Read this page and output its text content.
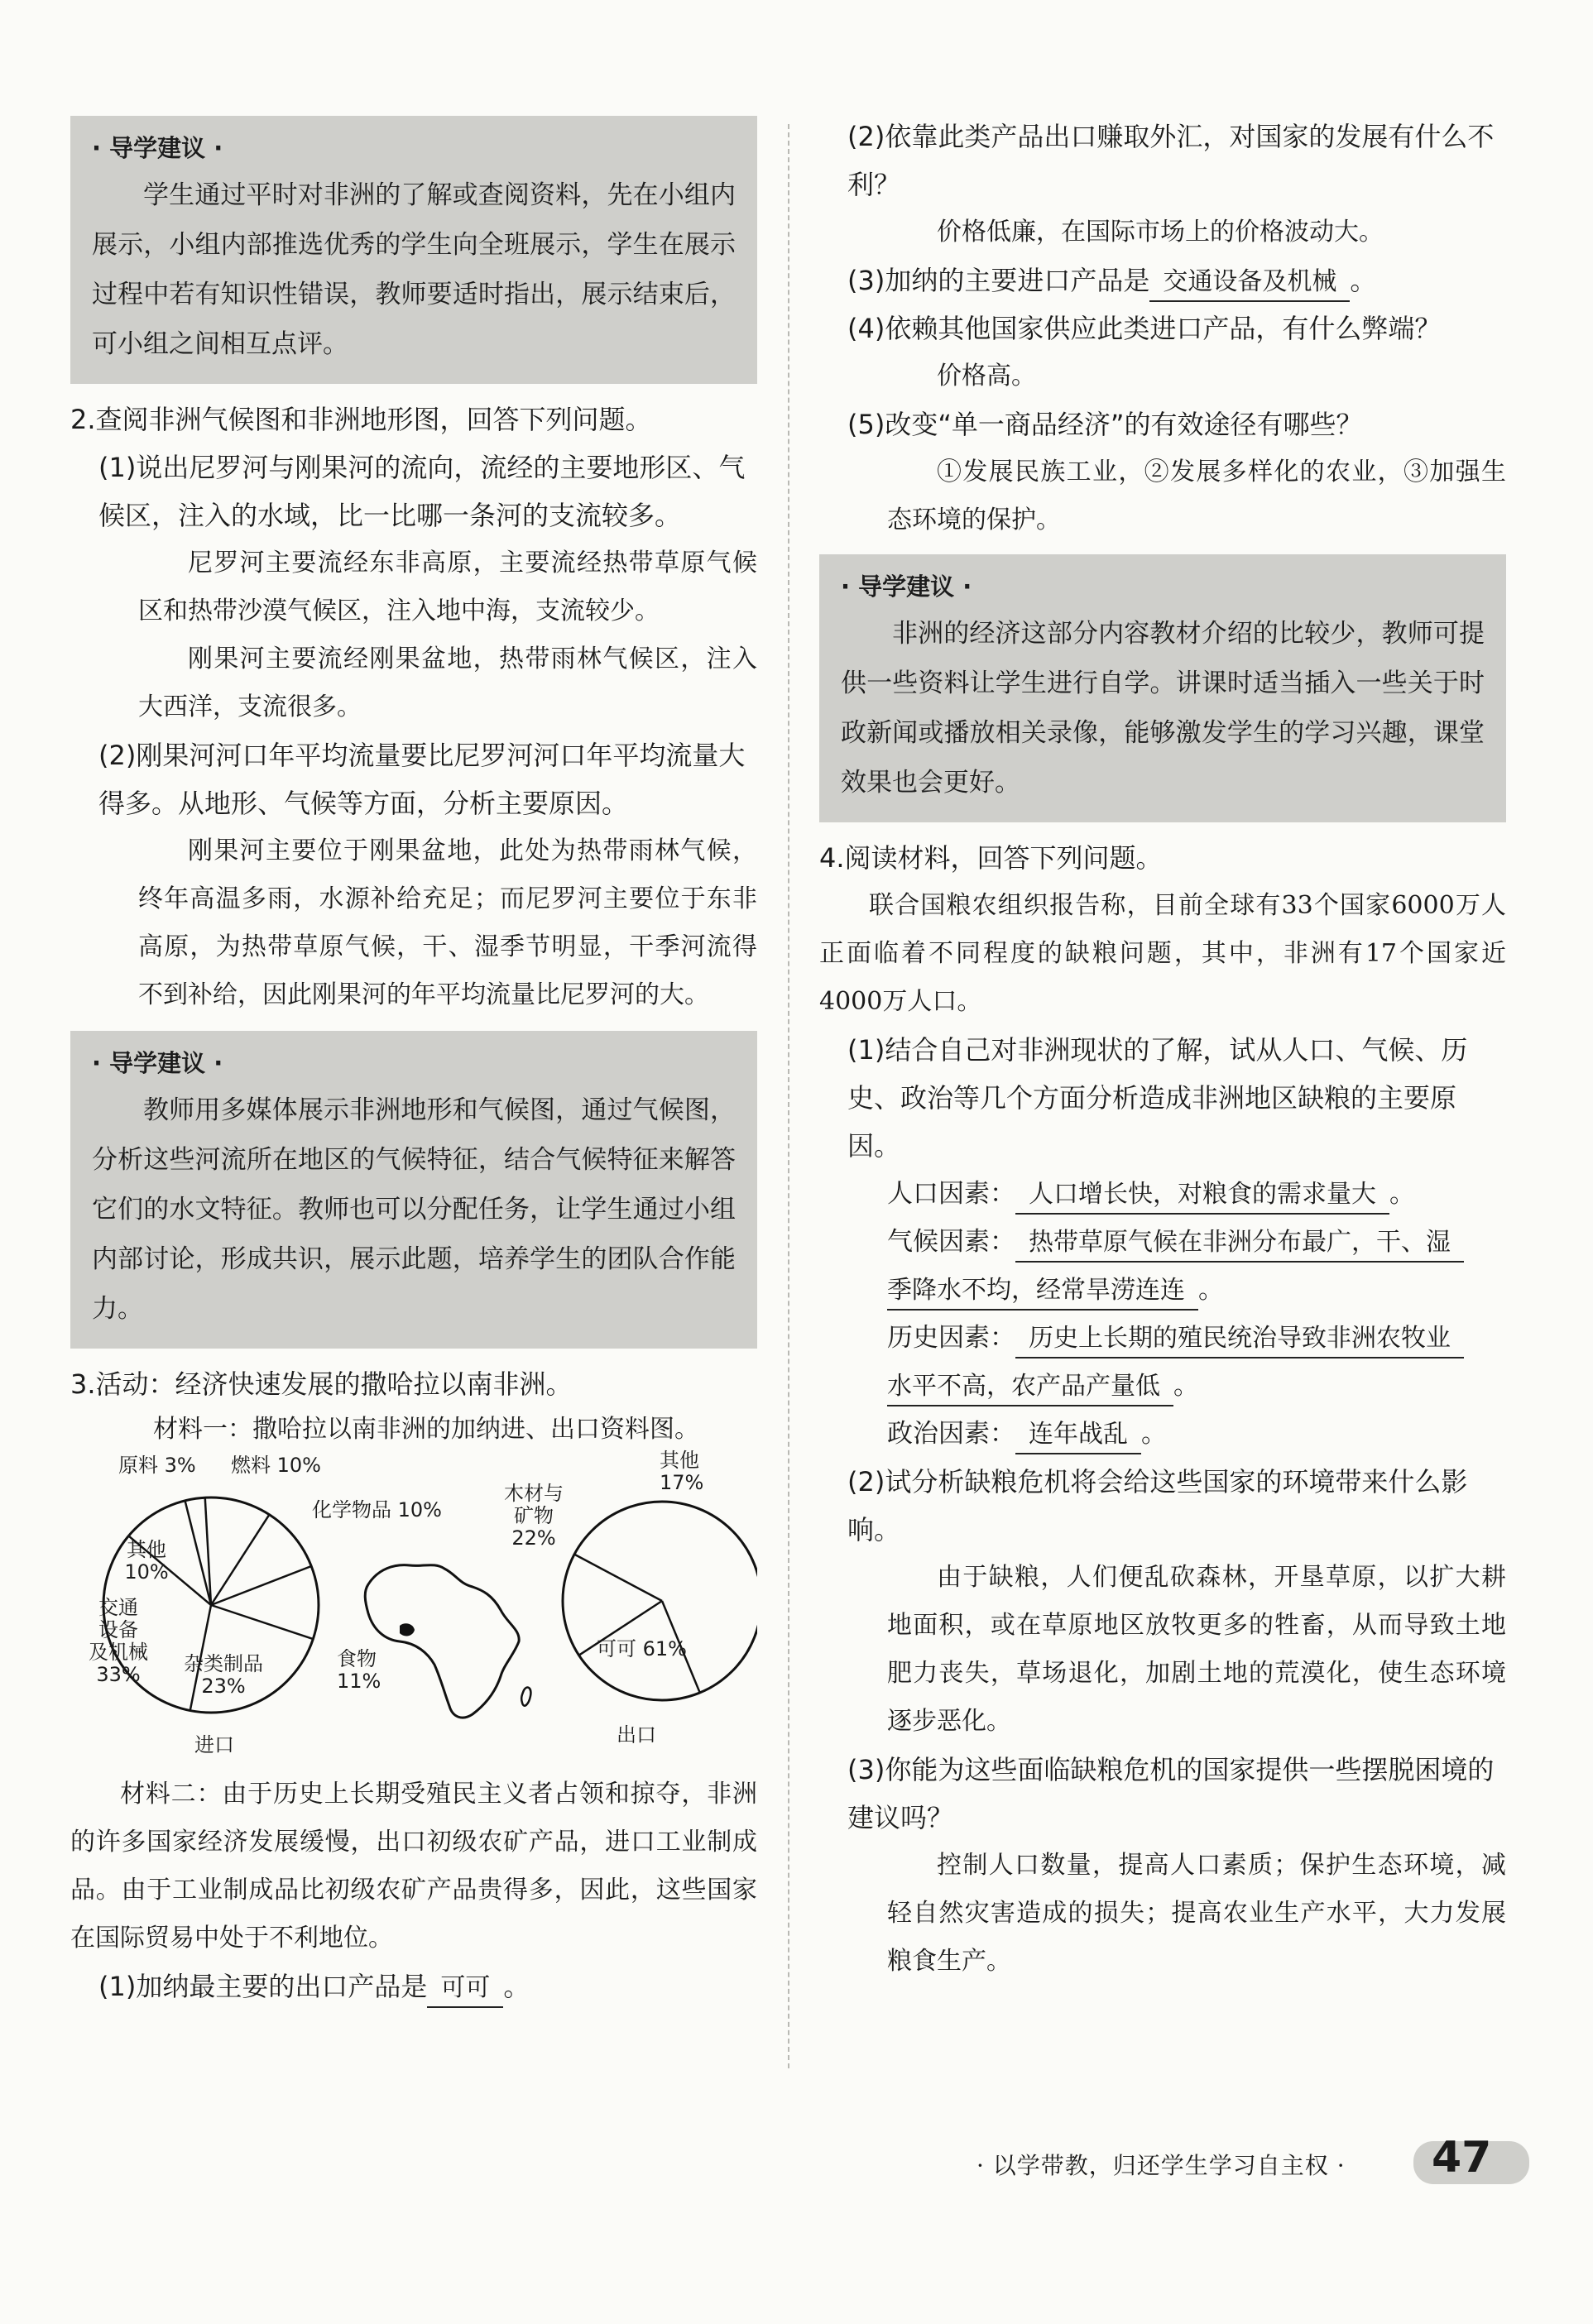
· 导学建议 ·
学生通过平时对非洲的了解或查阅资料，先在小组内展示，小组内部推选优秀的学生向全班展示，学生在展示过程中若有知识性错误，教师要适时指出，展示结束后，可小组之间相互点评。
2.查阅非洲气候图和非洲地形图，回答下列问题。
(1)说出尼罗河与刚果河的流向，流经的主要地形区、气候区，注入的水域，比一比哪一条河的支流较多。
尼罗河主要流经东非高原，主要流经热带草原气候区和热带沙漠气候区，注入地中海，支流较少。
刚果河主要流经刚果盆地，热带雨林气候区，注入大西洋，支流很多。
(2)刚果河河口年平均流量要比尼罗河河口年平均流量大得多。从地形、气候等方面，分析主要原因。
刚果河主要位于刚果盆地，此处为热带雨林气候，终年高温多雨，水源补给充足；而尼罗河主要位于东非高原，为热带草原气候，干、湿季节明显，干季河流得不到补给，因此刚果河的年平均流量比尼罗河的大。
· 导学建议 ·
教师用多媒体展示非洲地形和气候图，通过气候图，分析这些河流所在地区的气候特征，结合气候特征来解答它们的水文特征。教师也可以分配任务，让学生通过小组内部讨论，形成共识，展示此题，培养学生的团队合作能力。
3.活动：经济快速发展的撒哈拉以南非洲。
材料一：撒哈拉以南非洲的加纳进、出口资料图。
原料 3% 燃料 10%
化学物品 10%
其他
10%
交通
设备
及机械
33%	杂类制品
23%
食物
11%
进口
木材与
矿物 22%
其他
17%
可可 61%
出口
材料二：由于历史上长期受殖民主义者占领和掠夺，非洲的许多国家经济发展缓慢，出口初级农矿产品，进口工业制成品。由于工业制成品比初级农矿产品贵得多，因此，这些国家在国际贸易中处于不利地位。
(1)加纳最主要的出口产品是 可可 。
(2)依靠此类产品出口赚取外汇，对国家的发展有什么不利？
价格低廉，在国际市场上的价格波动大。
(3)加纳的主要进口产品是 交通设备及机械 。
(4)依赖其他国家供应此类进口产品，有什么弊端？
价格高。
(5)改变“单一商品经济”的有效途径有哪些？
①发展民族工业，②发展多样化的农业，③加强生态环境的保护。
· 导学建议 ·
非洲的经济这部分内容教材介绍的比较少，教师可提供一些资料让学生进行自学。讲课时适当插入一些关于时政新闻或播放相关录像，能够激发学生的学习兴趣，课堂效果也会更好。
4.阅读材料，回答下列问题。
联合国粮农组织报告称，目前全球有33个国家6000万人正面临着不同程度的缺粮问题，其中，非洲有17个国家近4000万人口。
(1)结合自己对非洲现状的了解，试从人口、气候、历史、政治等几个方面分析造成非洲地区缺粮的主要原因。
人口因素： 人口增长快，对粮食的需求量大 。
气候因素： 热带草原气候在非洲分布最广，干、湿
季降水不均，经常旱涝连连 。
历史因素： 历史上长期的殖民统治导致非洲农牧业
水平不高，农产品产量低 。
政治因素： 连年战乱 。
(2)试分析缺粮危机将会给这些国家的环境带来什么影响。
由于缺粮，人们便乱砍森林，开垦草原，以扩大耕地面积，或在草原地区放牧更多的牲畜，从而导致土地肥力丧失，草场退化，加剧土地的荒漠化，使生态环境逐步恶化。
(3)你能为这些面临缺粮危机的国家提供一些摆脱困境的建议吗？
控制人口数量，提高人口素质；保护生态环境，减轻自然灾害造成的损失；提高农业生产水平，大力发展粮食生产。
· 以学带教，归还学生学习自主权 · 47
